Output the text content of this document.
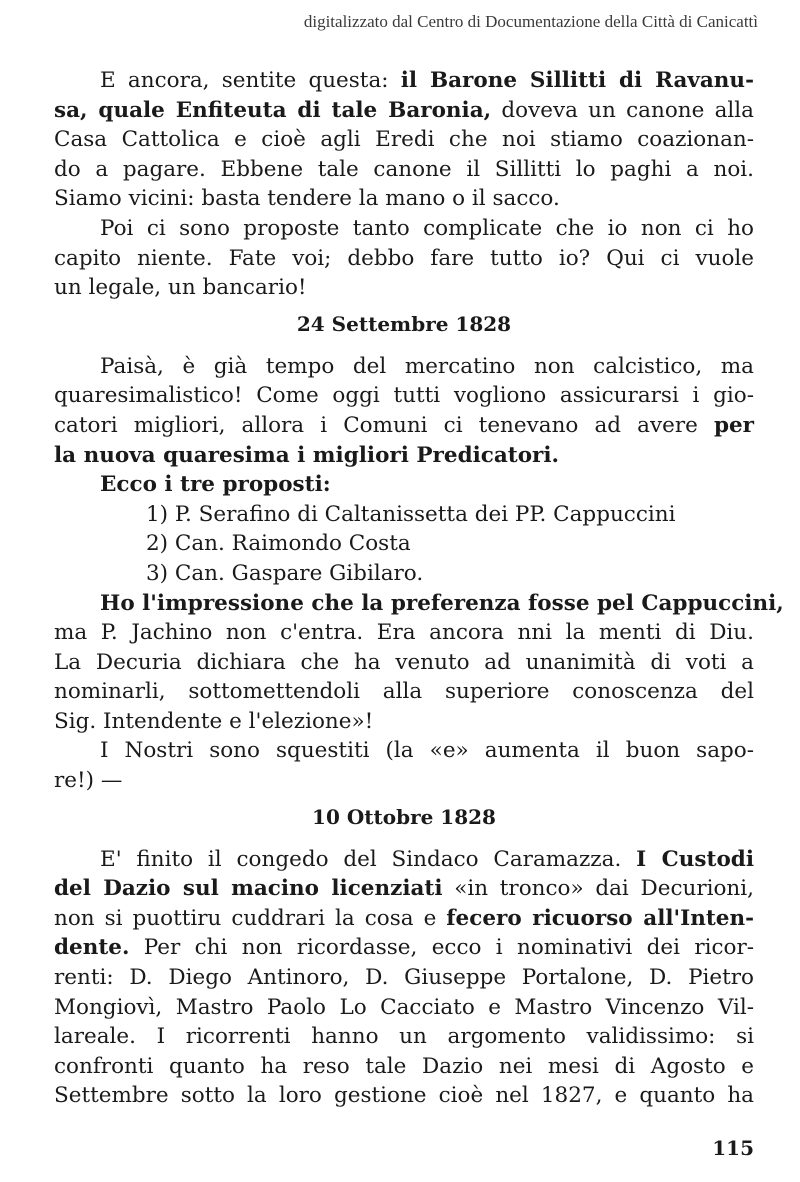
digitalizzato dal Centro di Documentazione della Città di Canicattì
E ancora, sentite questa: il Barone Sillitti di Ravanu-
sa, quale Enfiteuta di tale Baronia, doveva un canone alla
Casa Cattolica e cioè agli Eredi che noi stiamo coazionan-
do a pagare. Ebbene tale canone il Sillitti lo paghi a noi.
Siamo vicini: basta tendere la mano o il sacco.
Poi ci sono proposte tanto complicate che io non ci ho
capito niente. Fate voi; debbo fare tutto io? Qui ci vuole
un legale, un bancario!
24 Settembre 1828
Paisà, è già tempo del mercatino non calcistico, ma
quaresimalistico! Come oggi tutti vogliono assicurarsi i gio-
catori migliori, allora i Comuni ci tenevano ad avere per
la nuova quaresima i migliori Predicatori.
Ecco i tre proposti:
1) P. Serafino di Caltanissetta dei PP. Cappuccini
2) Can. Raimondo Costa
3) Can. Gaspare Gibilaro.
Ho l'impressione che la preferenza fosse pel Cappuccini,
ma P. Jachino non c'entra. Era ancora nni la menti di Diu.
La Decuria dichiara che ha venuto ad unanimità di voti a
nominarli, sottomettendoli alla superiore conoscenza del
Sig. Intendente e l'elezione»!
I Nostri sono squestiti (la «e» aumenta il buon sapo-
re!) —
10 Ottobre 1828
E' finito il congedo del Sindaco Caramazza. I Custodi
del Dazio sul macino licenziati «in tronco» dai Decurioni,
non si puottiru cuddrari la cosa e fecero ricuorso all'Inten-
dente. Per chi non ricordasse, ecco i nominativi dei ricor-
renti: D. Diego Antinoro, D. Giuseppe Portalone, D. Pietro
Mongiovì, Mastro Paolo Lo Cacciato e Mastro Vincenzo Vil-
lareale. I ricorrenti hanno un argomento validissimo: si
confronti quanto ha reso tale Dazio nei mesi di Agosto e
Settembre sotto la loro gestione cioè nel 1827, e quanto ha
115
